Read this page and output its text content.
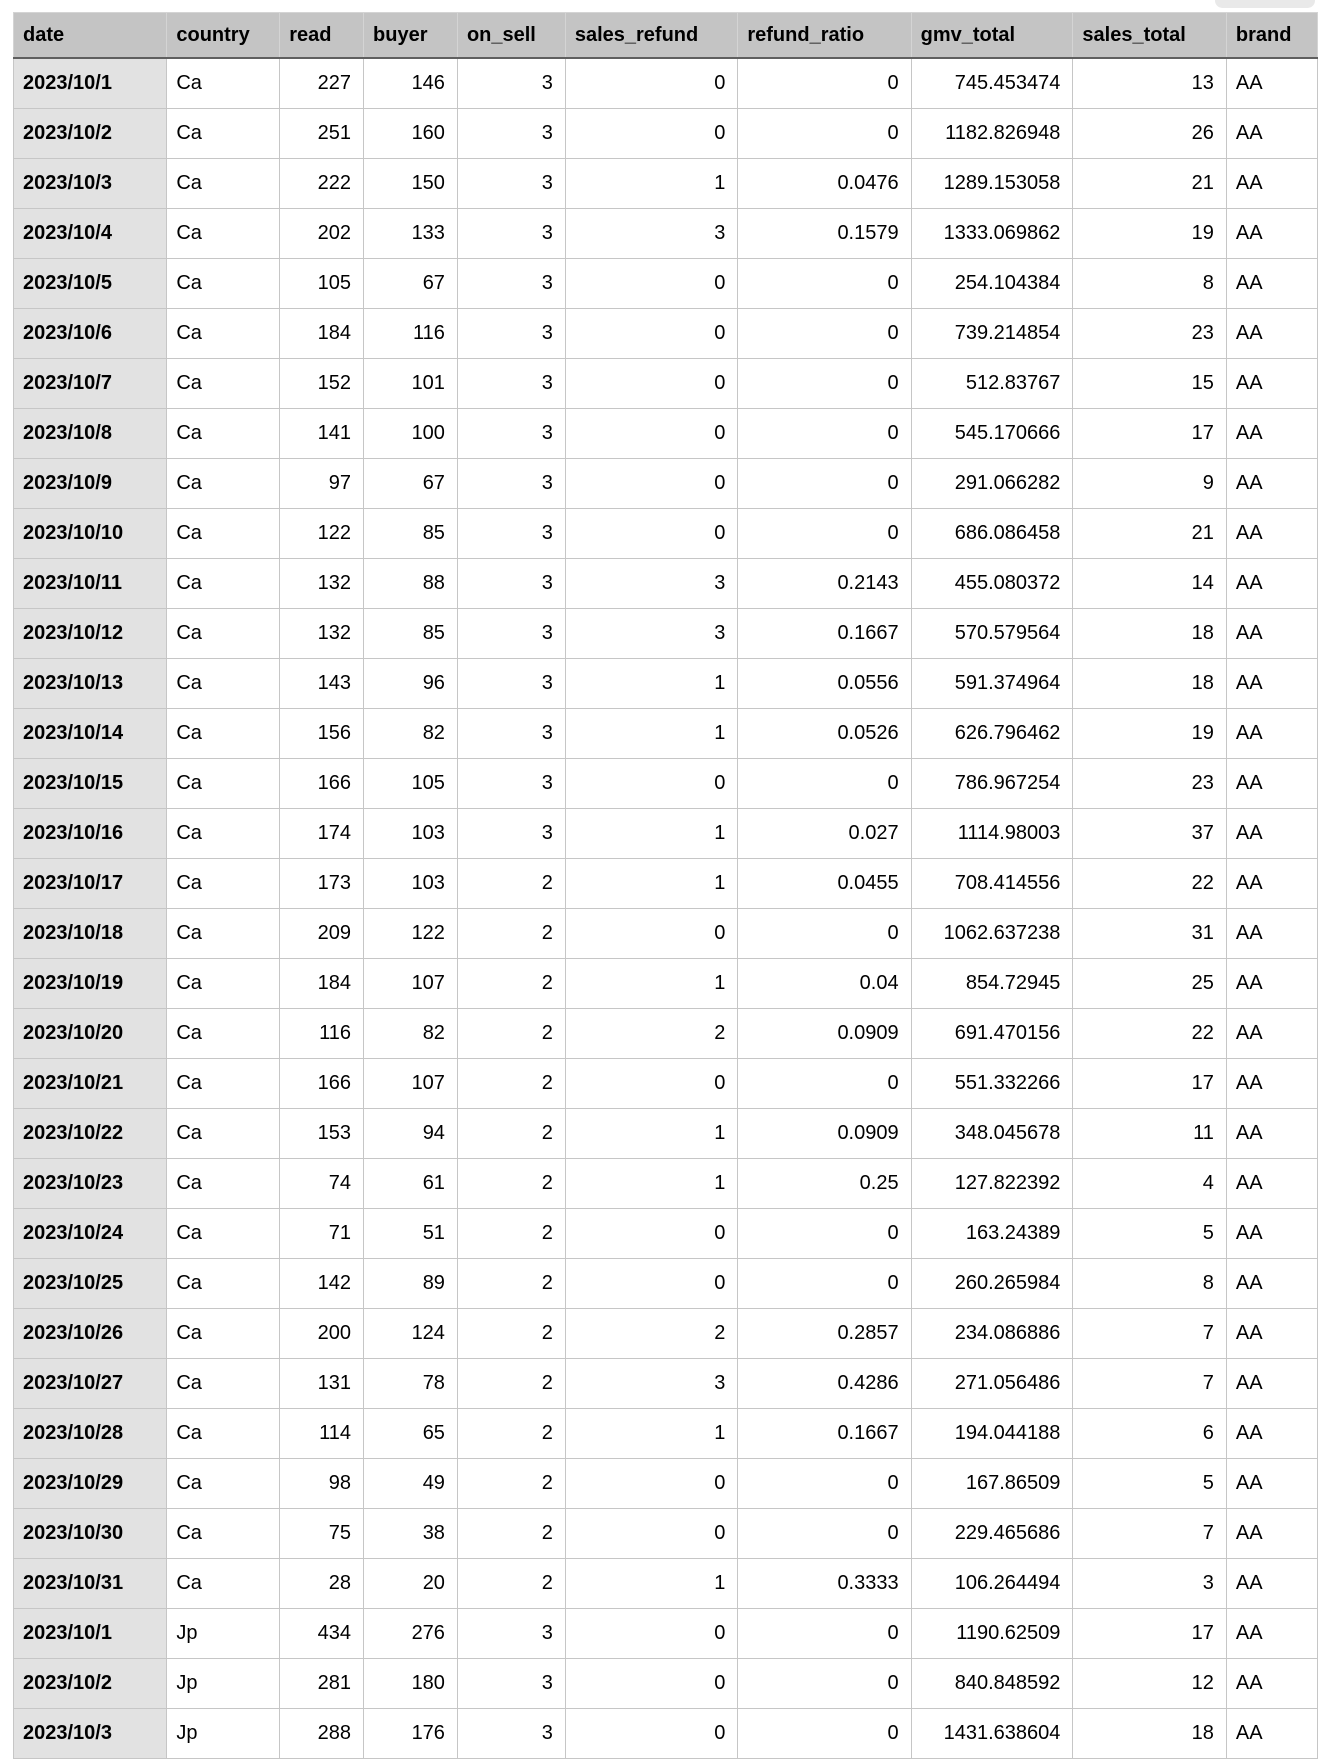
date	country	read	buyer	on_sell	sales_refund	refund_ratio	gmv_total	sales_total	brand
2023/10/1	Ca	227	146	3	0	0	745.453474	13	AA
2023/10/2	Ca	251	160	3	0	0	1182.826948	26	AA
2023/10/3	Ca	222	150	3	1	0.0476	1289.153058	21	AA
2023/10/4	Ca	202	133	3	3	0.1579	1333.069862	19	AA
2023/10/5	Ca	105	67	3	0	0	254.104384	8	AA
2023/10/6	Ca	184	116	3	0	0	739.214854	23	AA
2023/10/7	Ca	152	101	3	0	0	512.83767	15	AA
2023/10/8	Ca	141	100	3	0	0	545.170666	17	AA
2023/10/9	Ca	97	67	3	0	0	291.066282	9	AA
2023/10/10	Ca	122	85	3	0	0	686.086458	21	AA
2023/10/11	Ca	132	88	3	3	0.2143	455.080372	14	AA
2023/10/12	Ca	132	85	3	3	0.1667	570.579564	18	AA
2023/10/13	Ca	143	96	3	1	0.0556	591.374964	18	AA
2023/10/14	Ca	156	82	3	1	0.0526	626.796462	19	AA
2023/10/15	Ca	166	105	3	0	0	786.967254	23	AA
2023/10/16	Ca	174	103	3	1	0.027	1114.98003	37	AA
2023/10/17	Ca	173	103	2	1	0.0455	708.414556	22	AA
2023/10/18	Ca	209	122	2	0	0	1062.637238	31	AA
2023/10/19	Ca	184	107	2	1	0.04	854.72945	25	AA
2023/10/20	Ca	116	82	2	2	0.0909	691.470156	22	AA
2023/10/21	Ca	166	107	2	0	0	551.332266	17	AA
2023/10/22	Ca	153	94	2	1	0.0909	348.045678	11	AA
2023/10/23	Ca	74	61	2	1	0.25	127.822392	4	AA
2023/10/24	Ca	71	51	2	0	0	163.24389	5	AA
2023/10/25	Ca	142	89	2	0	0	260.265984	8	AA
2023/10/26	Ca	200	124	2	2	0.2857	234.086886	7	AA
2023/10/27	Ca	131	78	2	3	0.4286	271.056486	7	AA
2023/10/28	Ca	114	65	2	1	0.1667	194.044188	6	AA
2023/10/29	Ca	98	49	2	0	0	167.86509	5	AA
2023/10/30	Ca	75	38	2	0	0	229.465686	7	AA
2023/10/31	Ca	28	20	2	1	0.3333	106.264494	3	AA
2023/10/1	Jp	434	276	3	0	0	1190.62509	17	AA
2023/10/2	Jp	281	180	3	0	0	840.848592	12	AA
2023/10/3	Jp	288	176	3	0	0	1431.638604	18	AA
